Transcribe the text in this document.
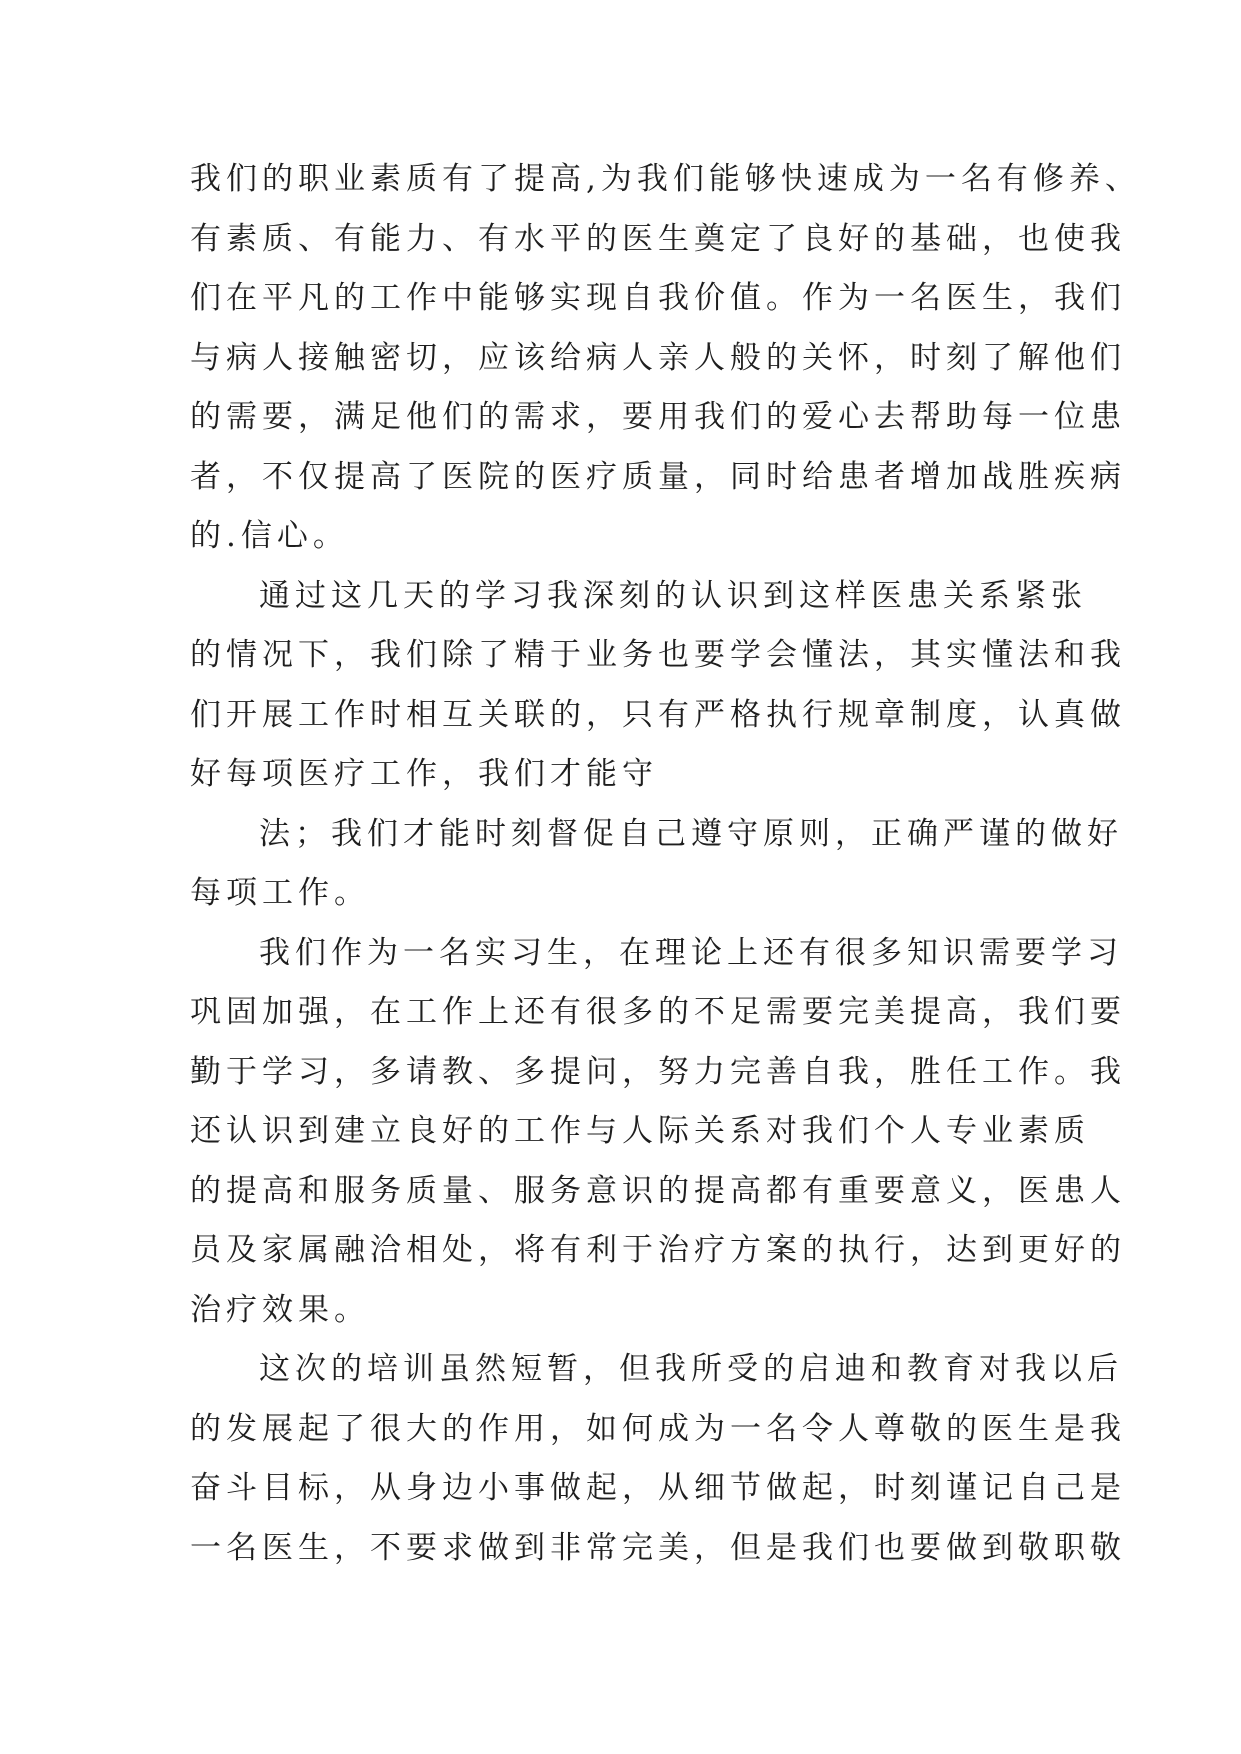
我们的职业素质有了提高,为我们能够快速成为一名有修养、
有素质、有能力、有水平的医生奠定了良好的基础，也使我
们在平凡的工作中能够实现自我价值。作为一名医生，我们
与病人接触密切，应该给病人亲人般的关怀，时刻了解他们
的需要，满足他们的需求，要用我们的爱心去帮助每一位患
者，不仅提高了医院的医疗质量，同时给患者增加战胜疾病
的.信心。
通过这几天的学习我深刻的认识到这样医患关系紧张
的情况下，我们除了精于业务也要学会懂法，其实懂法和我
们开展工作时相互关联的，只有严格执行规章制度，认真做
好每项医疗工作，我们才能守
法；我们才能时刻督促自己遵守原则，正确严谨的做好
每项工作。
我们作为一名实习生，在理论上还有很多知识需要学习
巩固加强，在工作上还有很多的不足需要完美提高，我们要
勤于学习，多请教、多提问，努力完善自我，胜任工作。我
还认识到建立良好的工作与人际关系对我们个人专业素质
的提高和服务质量、服务意识的提高都有重要意义，医患人
员及家属融洽相处，将有利于治疗方案的执行，达到更好的
治疗效果。
这次的培训虽然短暂，但我所受的启迪和教育对我以后
的发展起了很大的作用，如何成为一名令人尊敬的医生是我
奋斗目标，从身边小事做起，从细节做起，时刻谨记自己是
一名医生，不要求做到非常完美，但是我们也要做到敬职敬
